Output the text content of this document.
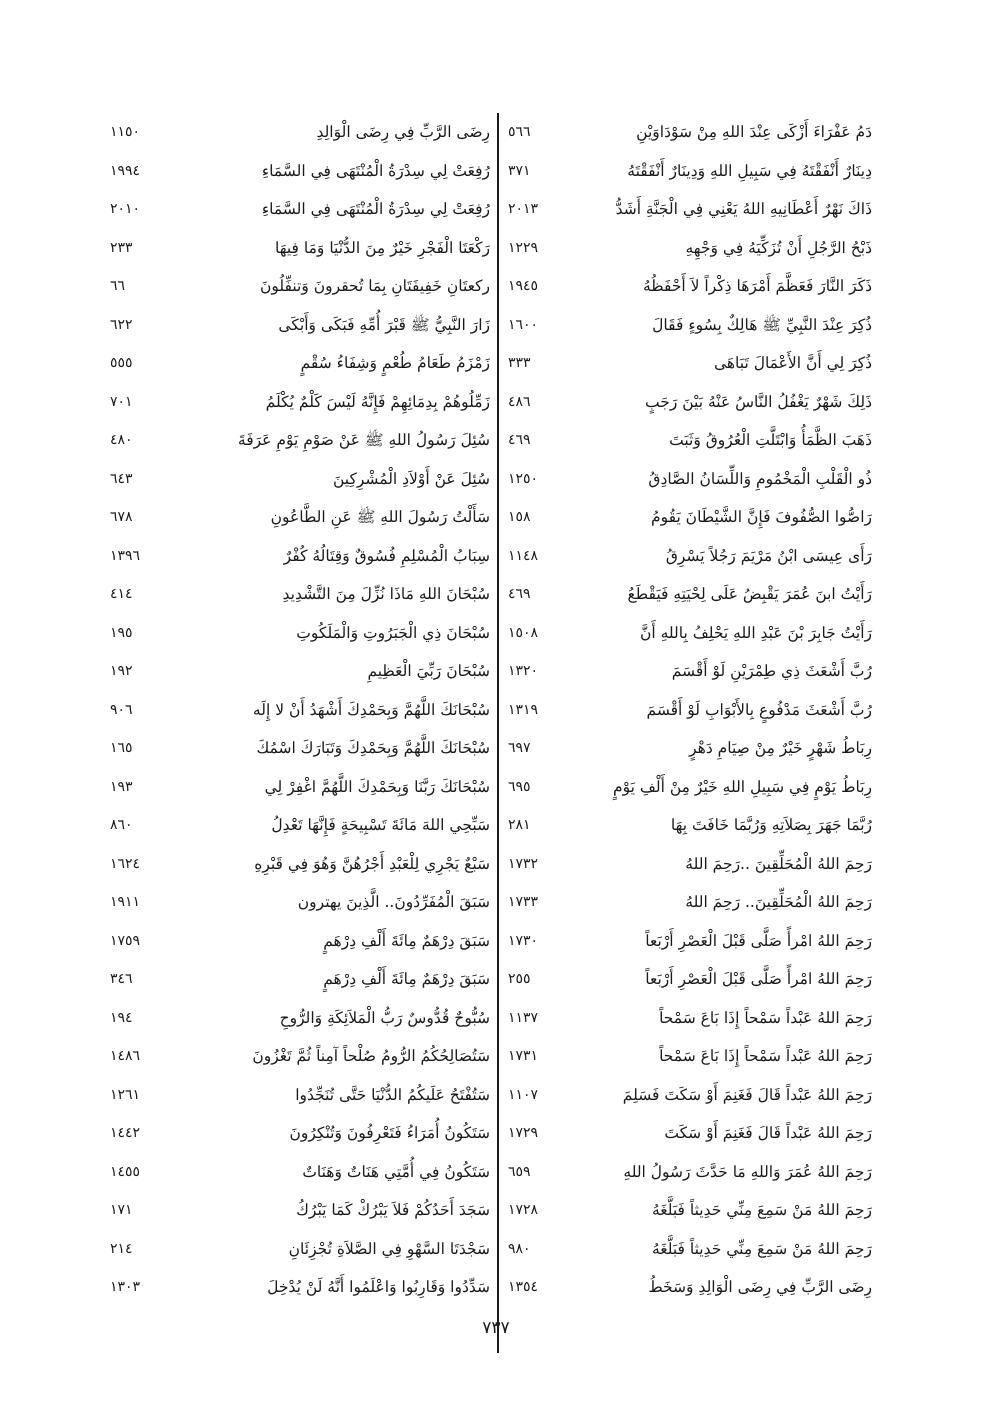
دَمُ عَفْرَاءَ أَزْكَى عِنْدَ اللهِ مِنْ سَوْدَاوَيْنِ
٥٦٦
دِينَارٌ أَنْفَقْتَهُ فِي سَبِيلِ اللهِ وَدِينَارٌ أَنْفَقْتَهُ
٣٧١
ذَاكَ نَهْرٌ أَعْطَانِيهِ اللهُ يَعْنِي فِي الْجَنَّةِ أَشَدُّ
٢٠١٣
ذَبْحُ الرَّجُلِ أَنْ تُزَكِّيَهُ فِي وَجْهِهِ
١٢٢٩
ذَكَرَ النَّارَ فَعَظَّمَ أَمْرَهَا ذِكْراً لاَ أَحْفَظُهُ
١٩٤٥
ذُكِرَ عِنْدَ النَّبِيِّ ﷺ هَالِكٌ بِسُوءٍ فَقَالَ
١٦٠٠
ذُكِرَ لِي أَنَّ الأَعْمَالَ تَبَاهَى
٣٣٣
ذَلِكَ شَهْرٌ يَغْفُلُ النَّاسُ عَنْهُ بَيْنَ رَجَبٍ
٤٨٦
ذَهَبَ الظَّمَأُ وَابْتَلَّتِ الْعُرُوقُ وَثَبَتَ
٤٦٩
ذُو الْقَلْبِ الْمَخْمُومِ وَاللِّسَانُ الصَّادِقُ
١٢٥٠
رَاصُّوا الصُّفُوفَ فَإِنَّ الشَّيْطَانَ يَقُومُ
١٥٨
رَأَى عِيسَى ابْنُ مَرْيَمَ رَجُلاً يَسْرِقُ
١١٤٨
رَأَيْتُ ابنَ عُمَرَ يَقْبِضُ عَلَى لِحْيَتِهِ فَيَقْطَعُ
٤٦٩
رَأَيْتُ جَابِرَ بْنَ عَبْدِ اللهِ يَحْلِفُ بِاللهِ أَنَّ
١٥٠٨
رُبَّ أَشْعَثَ ذِي طِمْرَيْنِ لَوْ أَقْسَمَ
١٣٢٠
رُبَّ أَشْعَثَ مَدْفُوعٍ بِالأَبْوَابِ لَوْ أَقْسَمَ
١٣١٩
رِبَاطُ شَهْرٍ خَيْرٌ مِنْ صِيَامِ دَهْرٍ
٦٩٧
رِبَاطُ يَوْمٍ فِي سَبِيلِ اللهِ خَيْرٌ مِنْ أَلْفِ يَوْمٍ
٦٩٥
رُبَّمَا جَهَرَ بِصَلاَتِهِ وَرُبَّمَا خَافَتَ بِهَا
٢٨١
رَحِمَ اللهُ الْمُحَلِّقِينَ ..رَحِمَ اللهُ
١٧٣٢
رَحِمَ اللهُ الْمُحَلِّقِينَ.. رَحِمَ اللهُ
١٧٣٣
رَحِمَ اللهُ امْرأً صَلَّى قَبْلَ الْعَصْرِ أَرْبَعاً
١٧٣٠
رَحِمَ اللهُ امْرأً صَلَّى قَبْلَ الْعَصْرِ أَرْبَعاً
٢٥٥
رَحِمَ اللهُ عَبْداً سَمْحاً إِذَا بَاعَ سَمْحاً
١١٣٧
رَحِمَ اللهُ عَبْداً سَمْحاً إِذَا بَاعَ سَمْحاً
١٧٣١
رَحِمَ اللهُ عَبْداً قَالَ فَغَنِمَ أَوْ سَكَتَ فَسَلِمَ
١١٠٧
رَحِمَ اللهُ عَبْداً قَالَ فَغَنِمَ أَوْ سَكَتَ
١٧٢٩
رَحِمَ اللهُ عُمَرَ وَاللهِ مَا حَدَّثَ رَسُولُ اللهِ
٦٥٩
رَحِمَ اللهُ مَنْ سَمِعَ مِنِّي حَدِيثاً فَبَلَّغَهُ
١٧٢٨
رَحِمَ اللهُ مَنْ سَمِعَ مِنِّي حَدِيثاً فَبَلَّغَهُ
٩٨٠
رِضَى الرَّبِّ فِي رِضَى الْوَالِدِ وَسَخَطُ
١٣٥٤
رِضَى الرَّبِّ فِي رِضَى الْوَالِدِ
١١٥٠
رُفِعَتْ لِي سِدْرَةُ الْمُنْتَهَى فِي السَّمَاءِ
١٩٩٤
رُفِعَتْ لِي سِدْرَةُ الْمُنْتَهَى فِي السَّمَاءِ
٢٠١٠
رَكْعَتَا الْفَجْرِ خَيْرٌ مِنَ الدُّنْيَا وَمَا فِيهَا
٢٣٣
ركعتَانِ خَفِيفَتَانِ بِمَا تُحقرونَ وَتنفِّلُونَ
٦٦
زَارَ النَّبِيُّ ﷺ قَبْرَ أُمِّهِ فَبَكَى وَأَبْكَى
٦٢٢
زَمْزَمُ طَعَامُ طُعْمٍ وَشِفَاءُ سُقْمٍ
٥٥٥
زَمِّلُوهُمْ بِدِمَائِهِمْ فَإِنَّهُ لَيْسَ كَلْمٌ يُكْلَمُ
٧٠١
سُئِلَ رَسُولُ اللهِ ﷺ عَنْ صَوْمِ يَوْمِ عَرَفَةَ
٤٨٠
سُئِلَ عَنْ أَوْلاَدِ الْمُشْرِكِينَ
٦٤٣
سَأَلْتُ رَسُولَ اللهِ ﷺ عَنِ الطَّاعُونِ
٦٧٨
سِبَابُ الْمُسْلِمِ فُسُوقٌ وَقِتَالُهُ كُفْرٌ
١٣٩٦
سُبْحَانَ اللهِ مَاذَا نُزِّلَ مِنَ التَّشْدِيدِ
٤١٤
سُبْحَانَ ذِي الْجَبَرُوتِ وَالْمَلَكُوتِ
١٩٥
سُبْحَانَ رَبِّيَ الْعَظِيمِ
١٩٢
سُبْحَانَكَ اللَّهُمَّ وَبِحَمْدِكَ أَشْهَدُ أَنْ لا إِلَه
٩٠٦
سُبْحَانَكَ اللَّهُمَّ وَبِحَمْدِكَ وَتَبَارَكَ اسْمُكَ
١٦٥
سُبْحَانَكَ رَبَّنَا وَبِحَمْدِكَ اللَّهُمَّ اغْفِرْ لِي
١٩٣
سَبِّحِي اللهَ مَائَةَ تَسْبِيحَةٍ فَإِنَّهَا تَعْدِلُ
٨٦٠
سَبْعٌ يَجْرِي لِلْعَبْدِ أَجْرُهُنَّ وَهُوَ فِي قَبْرِهِ
١٦٢٤
سَبَقَ الْمُفَرِّدُونَ.. الَّذِينَ يهترون
١٩١١
سَبَقَ دِرْهَمٌ مِائَةَ أَلْفِ دِرْهَمٍ
١٧٥٩
سَبَقَ دِرْهَمٌ مِائَةَ أَلْفِ دِرْهَمٍ
٣٤٦
سُبُّوحٌ قُدُّوسٌ رَبُّ الْمَلاَئِكَةِ وَالرُّوحِ
١٩٤
سَتُصَالِحُكُمُ الرُّومُ صُلْحاً آمِناً ثُمَّ تَغْزُونَ
١٤٨٦
سَتُفْتَحُ عَلَيكُمُ الدُّنْيَا حَتَّى تُنَجِّدُوا
١٢٦١
سَتَكُونُ أُمَرَاءُ فَتَعْرِفُونَ وَتُنْكِرُونَ
١٤٤٢
سَتَكُونُ فِي أُمَّتِي هَنَاتٌ وَهَنَاتٌ
١٤٥٥
سَجَدَ أَحَدُكُمْ فَلاَ يَبْرُكْ كَمَا يَبْرُكُ
١٧١
سَجْدَتَا السَّهْوِ فِي الصَّلاَةِ تُجْزِئَانِ
٢١٤
سَدِّدُوا وَقَارِبُوا وَاعْلَمُوا أَنَّهُ لَنْ يُدْخِلَ
١٣٠٣
٧٣٧
